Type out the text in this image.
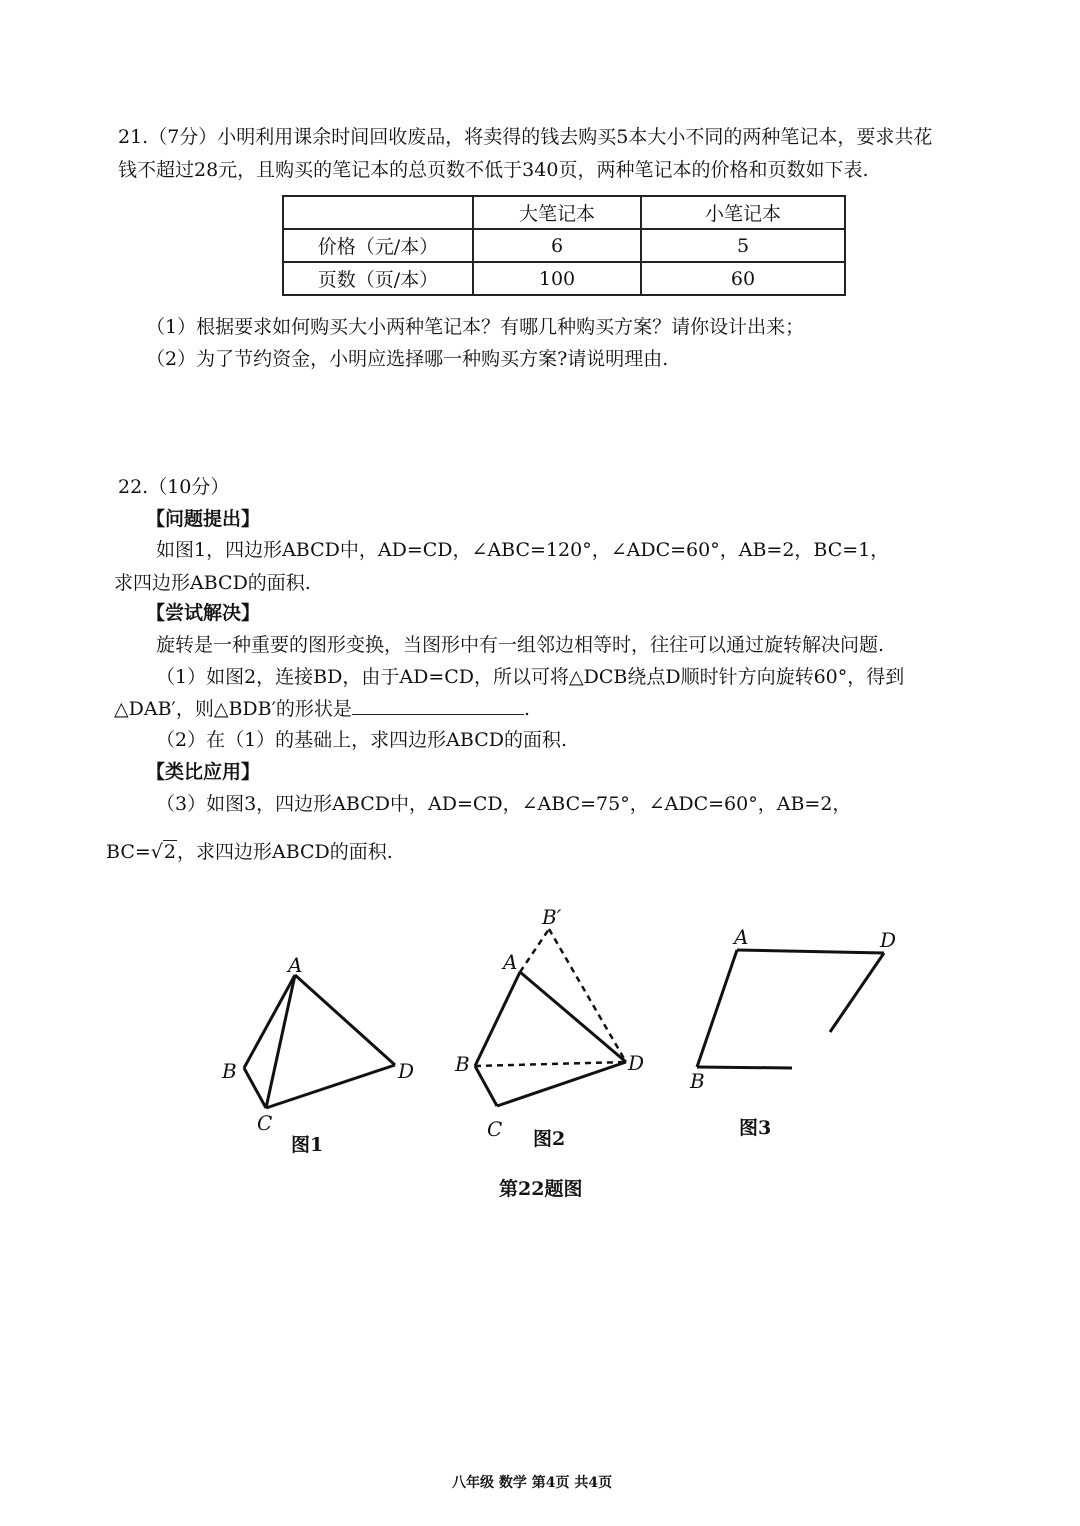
21.（7分）小明利用课余时间回收废品，将卖得的钱去购买5本大小不同的两种笔记本，要求共花
钱不超过28元，且购买的笔记本的总页数不低于340页，两种笔记本的价格和页数如下表.
	大笔记本	小笔记本
价格（元/本）	6	5
页数（页/本）	100	60
（1）根据要求如何购买大小两种笔记本？有哪几种购买方案？请你设计出来；
（2）为了节约资金，小明应选择哪一种购买方案?请说明理由.
22.（10分）
【问题提出】
如图1，四边形ABCD中，AD=CD，∠ABC=120°，∠ADC=60°，AB=2，BC=1，
求四边形ABCD的面积.
【尝试解决】
旋转是一种重要的图形变换，当图形中有一组邻边相等时，往往可以通过旋转解决问题.
（1）如图2，连接BD，由于AD=CD，所以可将△DCB绕点D顺时针方向旋转60°，得到
△DAB′，则△BDB′的形状是	.
（2）在（1）的基础上，求四边形ABCD的面积.
【类比应用】
（3）如图3，四边形ABCD中，AD=CD，∠ABC=75°，∠ADC=60°，AB=2，
BC=√2，求四边形ABCD的面积.
A
B
C
D
B′
A
B
C
D
A	D
B
图1	图2	图3
第22题图
八年级 数学 第4页 共4页
